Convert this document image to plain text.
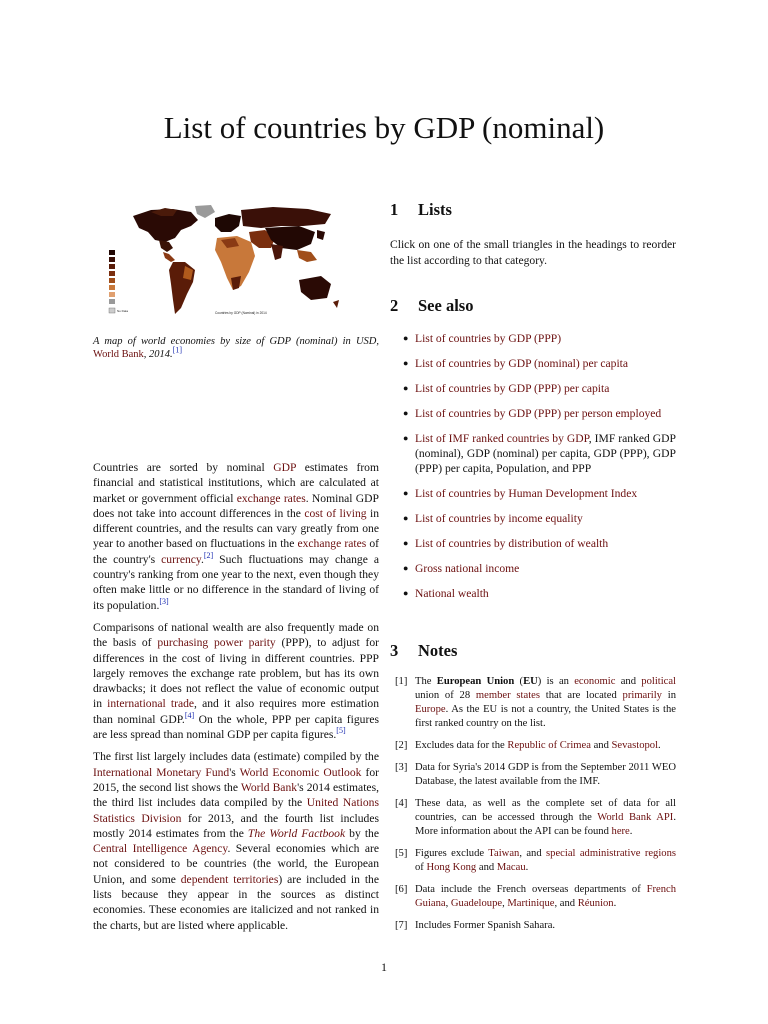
List of countries by GDP (nominal)
No Data	Countries by GDP (Nominal) in 2014
A map of world economies by size of GDP (nominal) in USD, World Bank, 2014.[1]

Countries are sorted by nominal GDP estimates from financial and statistical institutions, which are calculated at market or government official exchange rates. Nominal GDP does not take into account differences in the cost of living in different countries, and the results can vary greatly from one year to another based on fluctuations in the exchange rates of the country's currency.[2] Such fluctuations may change a country's ranking from one year to the next, even though they often make little or no difference in the standard of living of its population.[3]

Comparisons of national wealth are also frequently made on the basis of purchasing power parity (PPP), to adjust for differences in the cost of living in different countries. PPP largely removes the exchange rate problem, but has its own drawbacks; it does not reflect the value of economic output in international trade, and it also requires more estimation than nominal GDP.[4] On the whole, PPP per capita figures are less spread than nominal GDP per capita figures.[5]

The first list largely includes data (estimate) compiled by the International Monetary Fund's World Economic Outlook for 2015, the second list shows the World Bank's 2014 estimates, the third list includes data compiled by the United Nations Statistics Division for 2013, and the fourth list includes mostly 2014 estimates from the The World Factbook by the Central Intelligence Agency. Several economies which are not considered to be countries (the world, the European Union, and some dependent territories) are included in the lists because they appear in the sources as distinct economies. These economies are italicized and not ranked in the charts, but are listed where applicable.

1 Lists
Click on one of the small triangles in the headings to reorder the list according to that category.
2 See also
● List of countries by GDP (PPP)
● List of countries by GDP (nominal) per capita
● List of countries by GDP (PPP) per capita
● List of countries by GDP (PPP) per person employed
● List of IMF ranked countries by GDP, IMF ranked GDP (nominal), GDP (nominal) per capita, GDP (PPP), GDP (PPP) per capita, Population, and PPP
● List of countries by Human Development Index
● List of countries by income equality
● List of countries by distribution of wealth
● Gross national income
● National wealth
3 Notes
[1] The European Union (EU) is an economic and political union of 28 member states that are located primarily in Europe. As the EU is not a country, the United States is the first ranked country on the list.
[2] Excludes data for the Republic of Crimea and Sevastopol.
[3] Data for Syria's 2014 GDP is from the September 2011 WEO Database, the latest available from the IMF.
[4] These data, as well as the complete set of data for all countries, can be accessed through the World Bank API. More information about the API can be found here.
[5] Figures exclude Taiwan, and special administrative regions of Hong Kong and Macau.
[6] Data include the French overseas departments of French Guiana, Guadeloupe, Martinique, and Réunion.
[7] Includes Former Spanish Sahara.
1
